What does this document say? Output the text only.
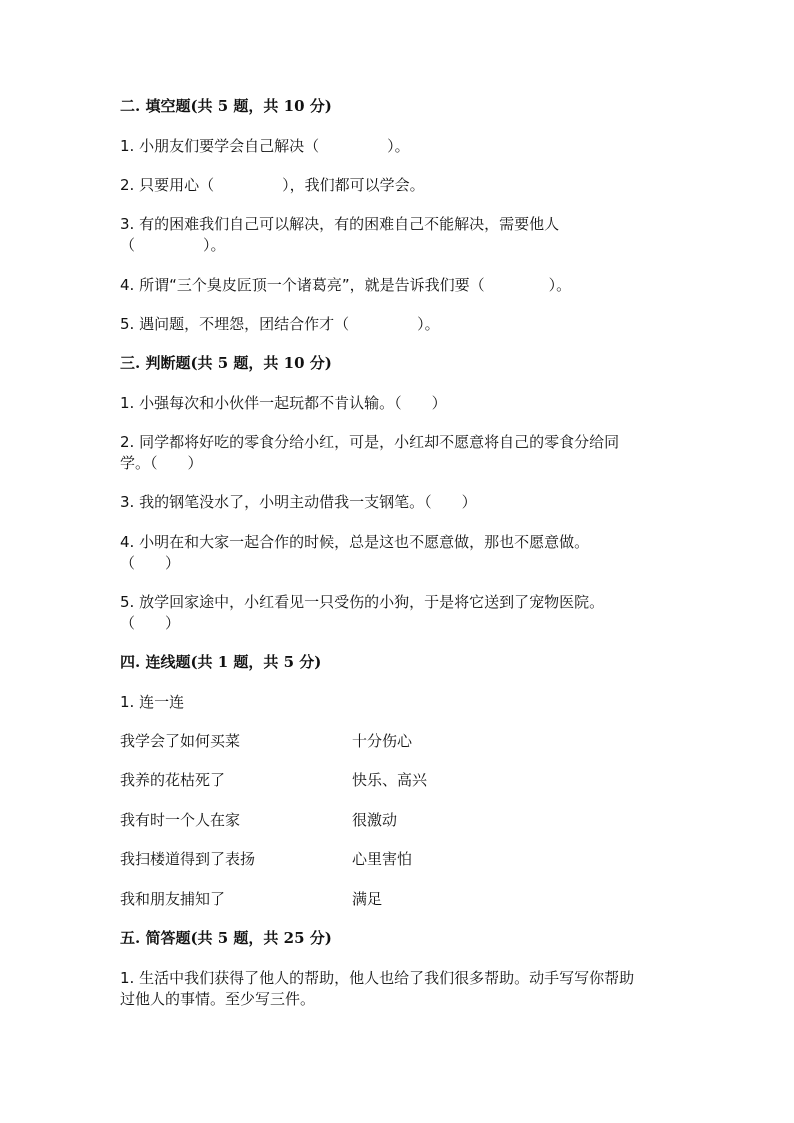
二. 填空题(共 5 题，共 10 分)
1. 小朋友们要学会自己解决（	）。
2. 只要用心（	），我们都可以学会。
3. 有的困难我们自己可以解决，有的困难自己不能解决，需要他人
（	）。
4. 所谓“三个臭皮匠顶一个诸葛亮”，就是告诉我们要（	）。
5. 遇问题，不埋怨，团结合作才（	）。
三. 判断题(共 5 题，共 10 分)
1. 小强每次和小伙伴一起玩都不肯认输。（ ）
2. 同学都将好吃的零食分给小红，可是，小红却不愿意将自己的零食分给同
学。（ ）
3. 我的钢笔没水了，小明主动借我一支钢笔。（ ）
4. 小明在和大家一起合作的时候，总是这也不愿意做，那也不愿意做。
（ ）
5. 放学回家途中，小红看见一只受伤的小狗，于是将它送到了宠物医院。
（ ）
四. 连线题(共 1 题，共 5 分)
1. 连一连
我学会了如何买菜	十分伤心
我养的花枯死了	快乐、高兴
我有时一个人在家	很激动
我扫楼道得到了表扬	心里害怕
我和朋友捕知了	满足
五. 简答题(共 5 题，共 25 分)
1. 生活中我们获得了他人的帮助，他人也给了我们很多帮助。动手写写你帮助
过他人的事情。至少写三件。
